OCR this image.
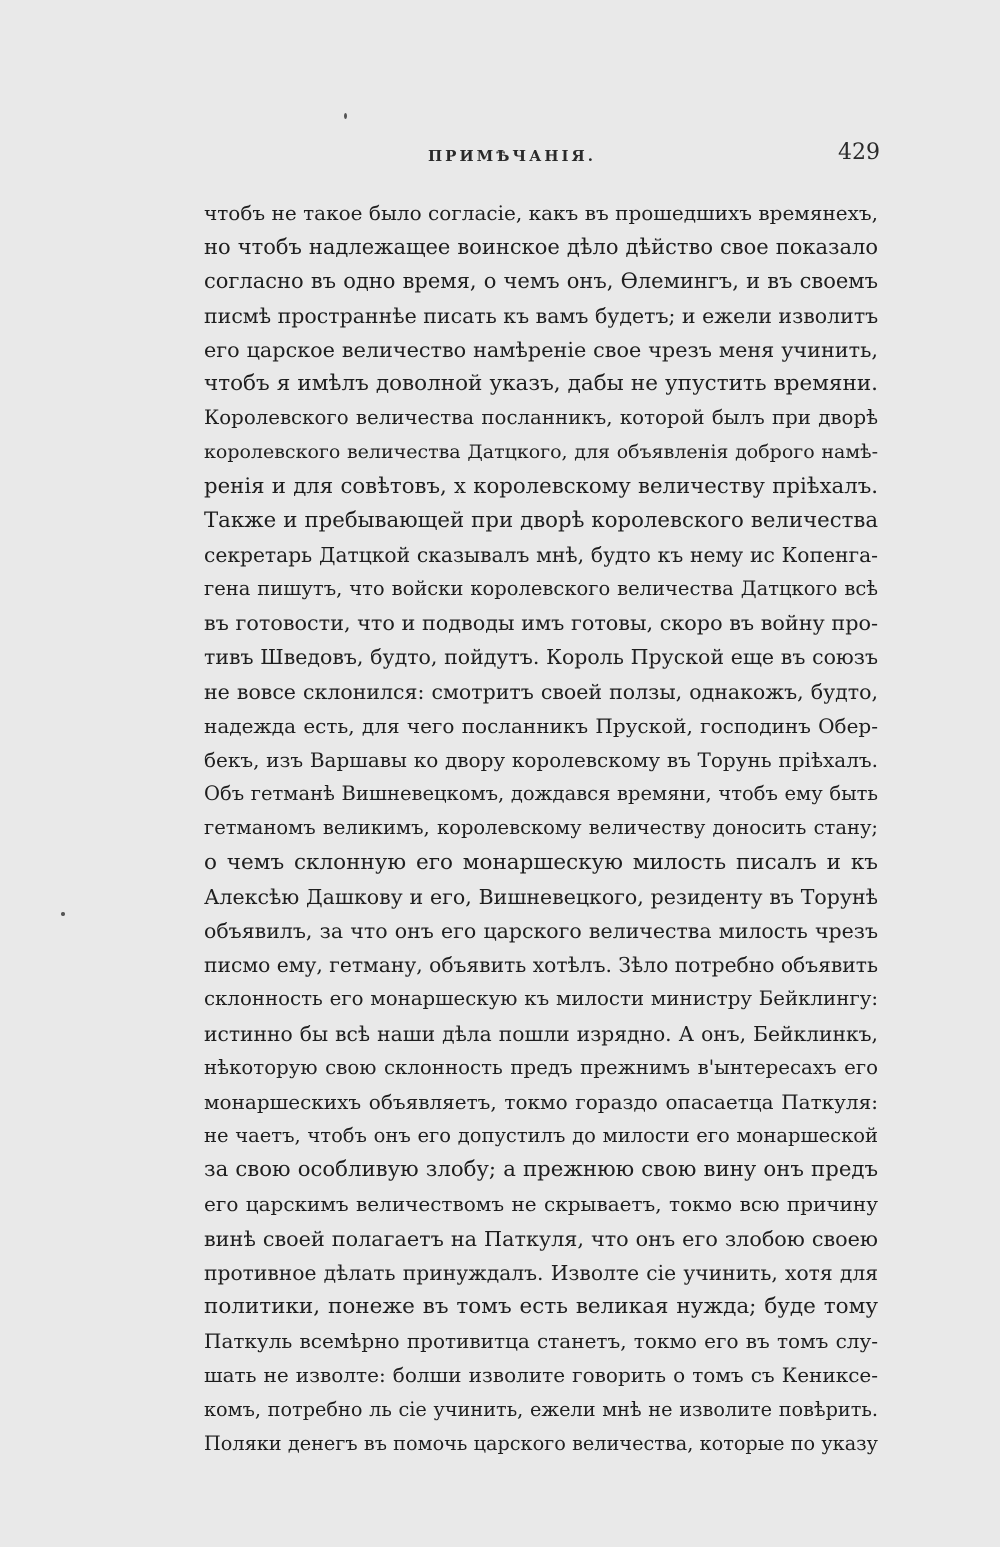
ПРИМѢЧАНІЯ.	429
чтобъ не такое было согласіе, какъ въ прошедшихъ времянехъ,
но чтобъ надлежащее воинское дѣло дѣйство свое показало
согласно въ одно время, о чемъ онъ, Ѳлемингъ, и въ своемъ
писмѣ пространнѣе писать къ вамъ будетъ; и ежели изволитъ
его царское величество намѣреніе свое чрезъ меня учинить,
чтобъ я имѣлъ доволной указъ, дабы не упустить времяни.
Королевского величества посланникъ, которой былъ при дворѣ
королевского величества Датцкого, для объявленія доброго намѣ-
ренія и для совѣтовъ, х королевскому величеству пріѣхалъ.
Также и пребывающей при дворѣ королевского величества
секретарь Датцкой сказывалъ мнѣ, будто къ нему ис Копенга-
гена пишутъ, что войски королевского величества Датцкого всѣ
въ готовости, что и подводы имъ готовы, скоро въ войну про-
тивъ Шведовъ, будто, пойдутъ. Король Пруской еще въ союзъ
не вовсе склонился: смотритъ своей ползы, однакожъ, будто,
надежда есть, для чего посланникъ Пруской, господинъ Обер-
бекъ, изъ Варшавы ко двору королевскому въ Торунь пріѣхалъ.
Объ гетманѣ Вишневецкомъ, дождався времяни, чтобъ ему быть
гетманомъ великимъ, королевскому величеству доносить стану;
о чемъ склонную его монаршескую милость писалъ и къ
Алексѣю Дашкову и его, Вишневецкого, резиденту въ Торунѣ
объявилъ, за что онъ его царского величества милость чрезъ
писмо ему, гетману, объявить хотѣлъ. Зѣло потребно объявить
склонность его монаршескую къ милости министру Бейклингу:
истинно бы всѣ наши дѣла пошли изрядно. А онъ, Бейклинкъ,
нѣкоторую свою склонность предъ прежнимъ в'ынтересахъ его
монаршескихъ объявляетъ, токмо гораздо опасаетца Паткуля:
не чаетъ, чтобъ онъ его допустилъ до милости его монаршеской
за свою особливую злобу; а прежнюю свою вину онъ предъ
его царскимъ величествомъ не скрываетъ, токмо всю причину
винѣ своей полагаетъ на Паткуля, что онъ его злобою своею
противное дѣлать принуждалъ. Изволте сіе учинить, хотя для
политики, понеже въ томъ есть великая нужда; буде тому
Паткуль всемѣрно противитца станетъ, токмо его въ томъ слу-
шать не изволте: болши изволите говорить о томъ съ Кениксе-
комъ, потребно ль сіе учинить, ежели мнѣ не изволите повѣрить.
Поляки денегъ въ помочь царского величества, которые по указу
